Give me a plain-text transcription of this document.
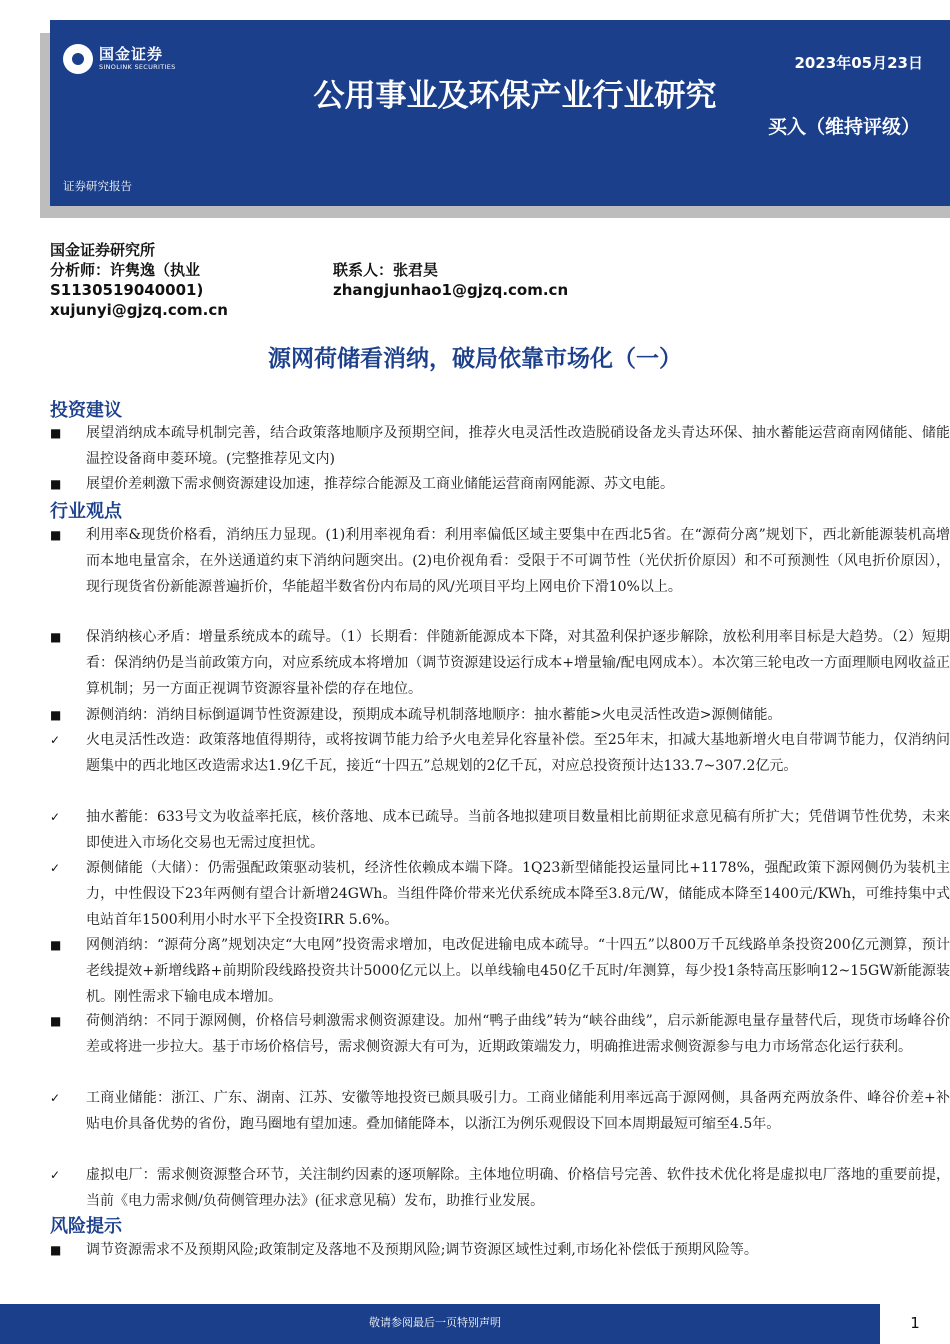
国金证券
SINOLINK SECURITIES
公用事业及环保产业行业研究
2023年05月23日
买入（维持评级）
证券研究报告
国金证券研究所
分析师：许隽逸（执业
S1130519040001)
xujunyi@gjzq.com.cn
联系人：张君昊
zhangjunhao1@gjzq.com.cn
源网荷储看消纳，破局依靠市场化（一）
投资建议
■	展望消纳成本疏导机制完善，结合政策落地顺序及预期空间，推荐火电灵活性改造脱硝设备龙头青达环保、抽水蓄能运营商南网储能、储能温控设备商申菱环境。(完整推荐见文内)
■	展望价差刺激下需求侧资源建设加速，推荐综合能源及工商业储能运营商南网能源、苏文电能。
行业观点
■	利用率&现货价格看，消纳压力显现。(1)利用率视角看：利用率偏低区域主要集中在西北5省。在“源荷分离”规划下，西北新能源装机高增而本地电量富余，在外送通道约束下消纳问题突出。(2)电价视角看：受限于不可调节性（光伏折价原因）和不可预测性（风电折价原因），现行现货省份新能源普遍折价，华能超半数省份内布局的风/光项目平均上网电价下滑10%以上。
■	保消纳核心矛盾：增量系统成本的疏导。（1）长期看：伴随新能源成本下降，对其盈利保护逐步解除，放松利用率目标是大趋势。（2）短期看：保消纳仍是当前政策方向，对应系统成本将增加（调节资源建设运行成本+增量输/配电网成本）。本次第三轮电改一方面理顺电网收益正算机制；另一方面正视调节资源容量补偿的存在地位。
■	源侧消纳：消纳目标倒逼调节性资源建设，预期成本疏导机制落地顺序：抽水蓄能>火电灵活性改造>源侧储能。
✓	火电灵活性改造：政策落地值得期待，或将按调节能力给予火电差异化容量补偿。至25年末，扣减大基地新增火电自带调节能力，仅消纳问题集中的西北地区改造需求达1.9亿千瓦，接近“十四五”总规划的2亿千瓦，对应总投资预计达133.7~307.2亿元。
✓	抽水蓄能：633号文为收益率托底，核价落地、成本已疏导。当前各地拟建项目数量相比前期征求意见稿有所扩大；凭借调节性优势，未来即使进入市场化交易也无需过度担忧。
✓	源侧储能（大储）：仍需强配政策驱动装机，经济性依赖成本端下降。1Q23新型储能投运量同比+1178%，强配政策下源网侧仍为装机主力，中性假设下23年两侧有望合计新增24GWh。当组件降价带来光伏系统成本降至3.8元/W，储能成本降至1400元/KWh，可维持集中式电站首年1500利用小时水平下全投资IRR 5.6%。
■	网侧消纳：“源荷分离”规划决定“大电网”投资需求增加，电改促进输电成本疏导。“十四五”以800万千瓦线路单条投资200亿元测算，预计老线提效+新增线路+前期阶段线路投资共计5000亿元以上。以单线输电450亿千瓦时/年测算，每少投1条特高压影响12~15GW新能源装机。刚性需求下输电成本增加。
■	荷侧消纳：不同于源网侧，价格信号刺激需求侧资源建设。加州“鸭子曲线”转为“峡谷曲线”，启示新能源电量存量替代后，现货市场峰谷价差或将进一步拉大。基于市场价格信号，需求侧资源大有可为，近期政策端发力，明确推进需求侧资源参与电力市场常态化运行获利。
✓	工商业储能：浙江、广东、湖南、江苏、安徽等地投资已颇具吸引力。工商业储能利用率远高于源网侧，具备两充两放条件、峰谷价差+补贴电价具备优势的省份，跑马圈地有望加速。叠加储能降本，以浙江为例乐观假设下回本周期最短可缩至4.5年。
✓	虚拟电厂：需求侧资源整合环节，关注制约因素的逐项解除。主体地位明确、价格信号完善、软件技术优化将是虚拟电厂落地的重要前提，当前《电力需求侧/负荷侧管理办法》(征求意见稿）发布，助推行业发展。
风险提示
■	调节资源需求不及预期风险;政策制定及落地不及预期风险;调节资源区域性过剩,市场化补偿低于预期风险等。
敬请参阅最后一页特别声明	1
